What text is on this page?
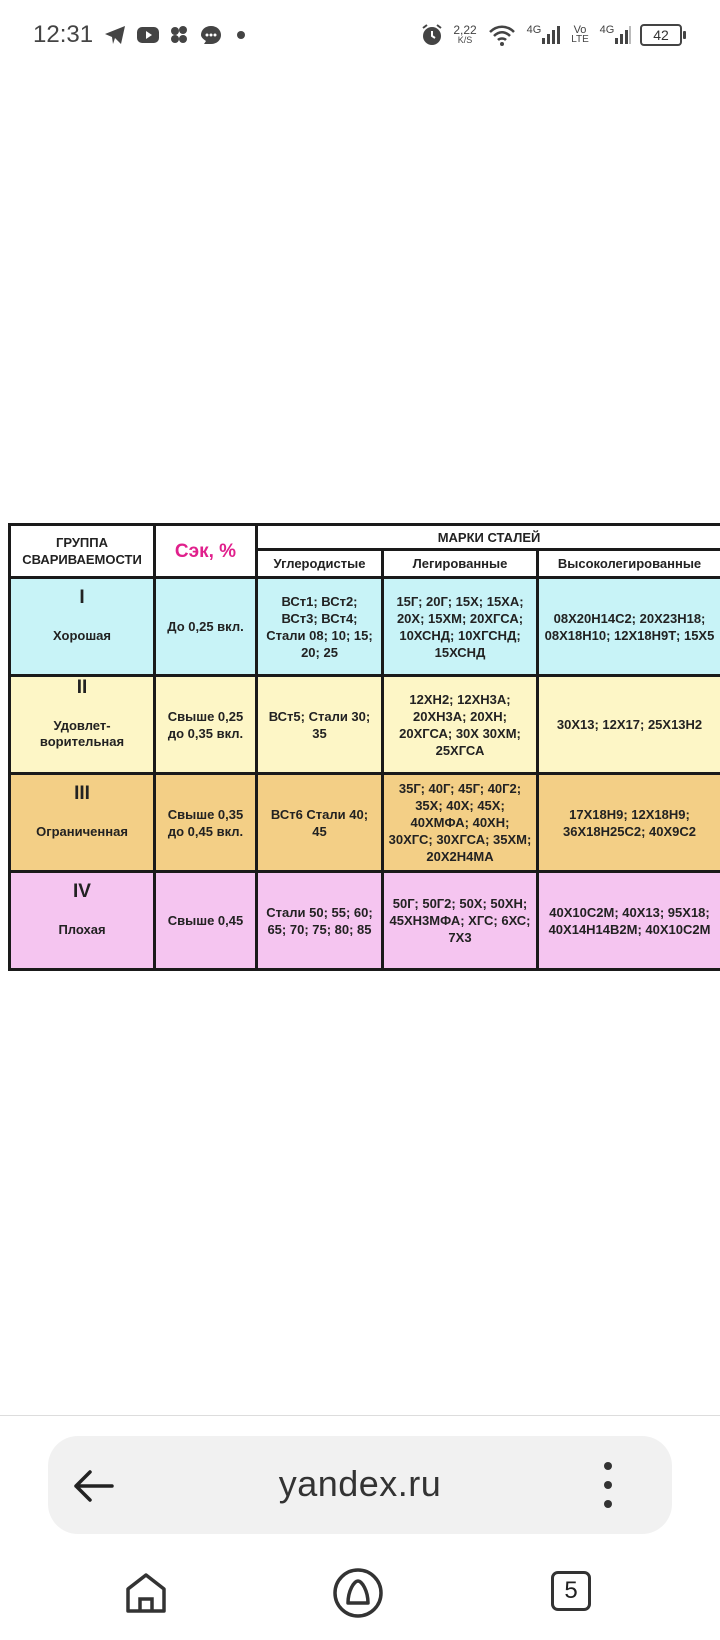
12:31	2,22
K/S
4G	Vo
LTE
4G	42
ГРУППА СВАРИВАЕМОСТИ	Сэк, %	МАРКИ СТАЛЕЙ		
		Углеродистые	Легированные	Высоколегированные

I
Хорошая	До 0,25 вкл.	ВСт1; ВСт2; ВСт3; ВСт4; Стали 08; 10; 15; 20; 25	15Г; 20Г; 15Х; 15ХА; 20Х; 15ХМ; 20ХГСА; 10ХСНД; 10ХГСНД; 15ХСНД	08Х20Н14С2; 20Х23Н18; 08Х18Н10; 12Х18Н9Т; 15Х5

II
Удовлет-ворительная	Свыше 0,25 до 0,35 вкл.	ВСт5; Стали 30; 35	12ХН2; 12ХН3А; 20ХН3А; 20ХН; 20ХГСА; 30Х 30ХМ; 25ХГСА	30Х13; 12Х17; 25Х13Н2

III
Ограниченная	Свыше 0,35 до 0,45 вкл.	ВСт6 Стали 40; 45	35Г; 40Г; 45Г; 40Г2; 35Х; 40Х; 45Х; 40ХМФА; 40ХН; 30ХГС; 30ХГСА; 35ХМ; 20Х2Н4МА	17Х18Н9; 12Х18Н9; 36Х18Н25С2; 40Х9С2

IV
Плохая	Свыше 0,45	Стали 50; 55; 60; 65; 70; 75; 80; 85	50Г; 50Г2; 50Х; 50ХН; 45ХН3МФА; ХГС; 6ХС; 7Х3	40Х10С2М; 40Х13; 95Х18; 40Х14Н14В2М; 40Х10С2М
yandex.ru
5
